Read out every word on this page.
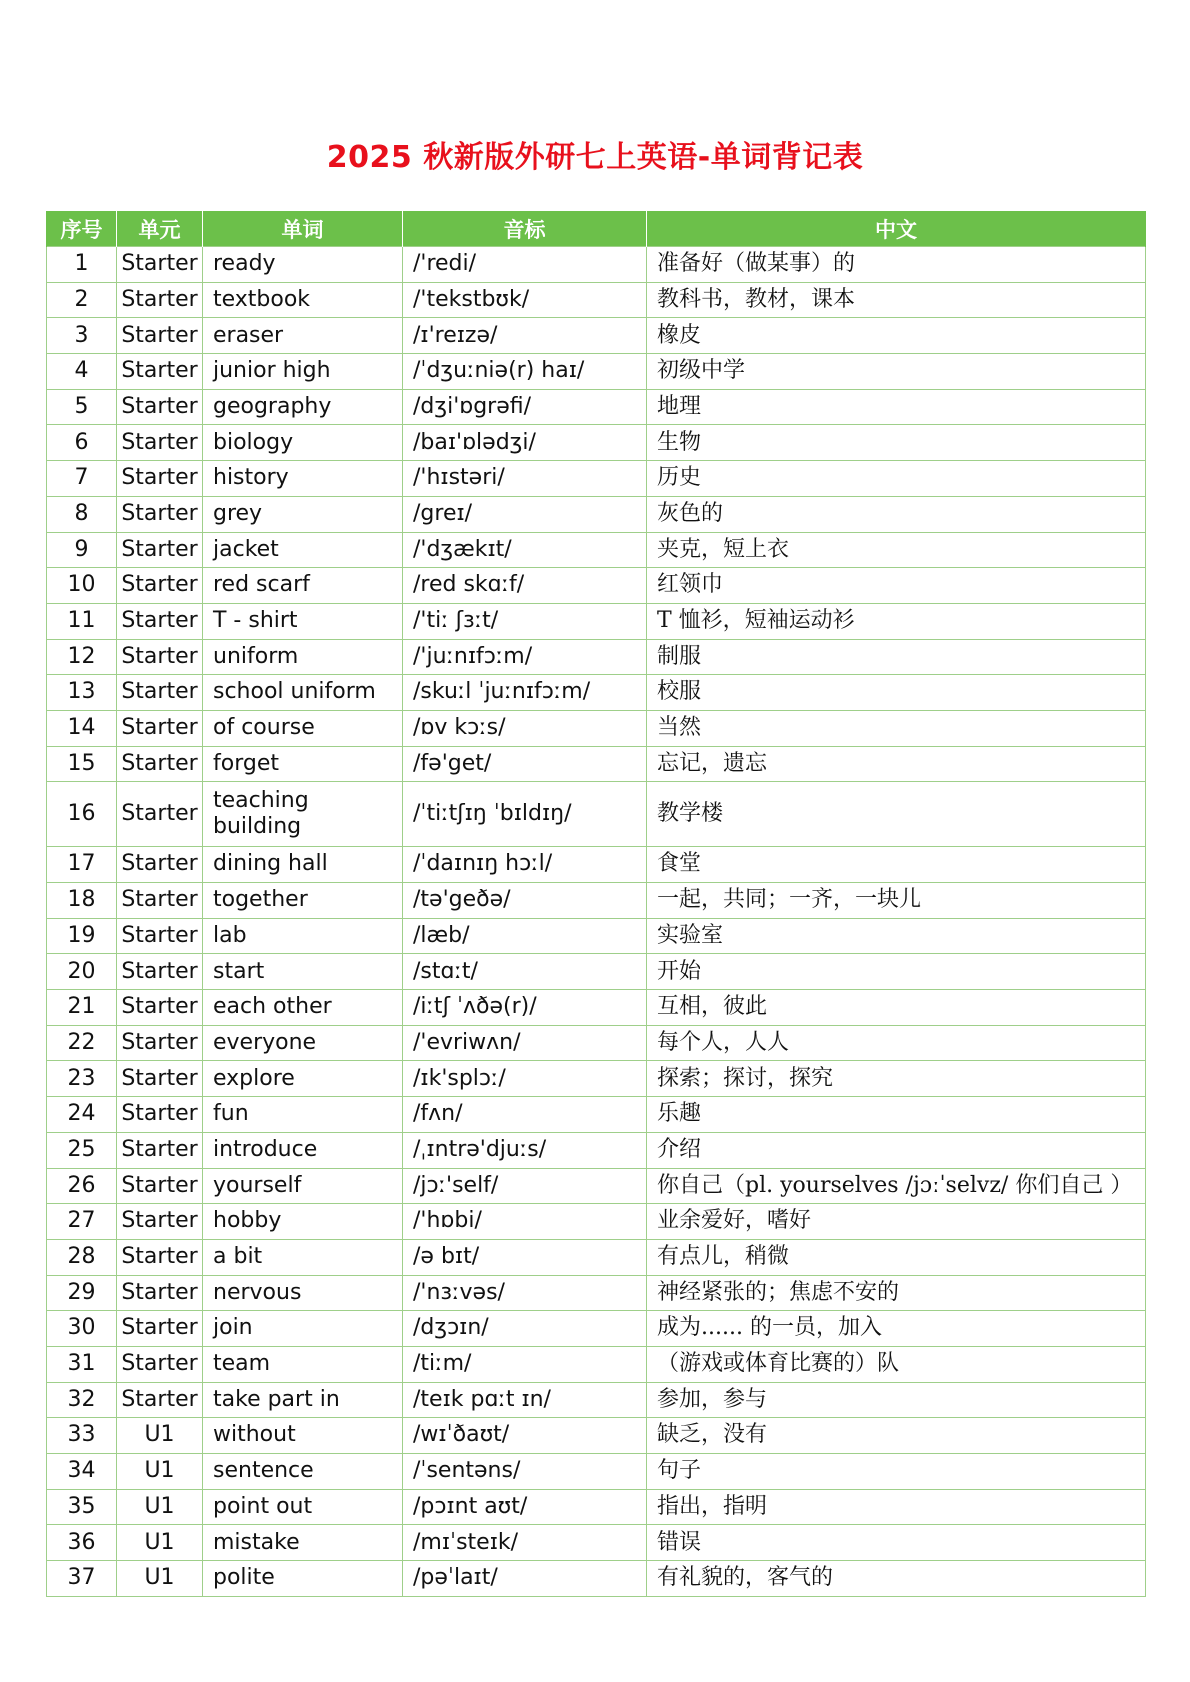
2025 秋新版外研七上英语-单词背记表
序号	单元	单词	音标	中文
1	Starter	ready	/'redi/	准备好（做某事）的
2	Starter	textbook	/'tekstbʊk/	教科书，教材，课本
3	Starter	eraser	/ɪ'reɪzə/	橡皮
4	Starter	junior high	/ˈdʒuːniə(r) haɪ/	初级中学
5	Starter	geography	/dʒi'ɒgrəfi/	地理
6	Starter	biology	/baɪ'ɒlədʒi/	生物
7	Starter	history	/'hɪstəri/	历史
8	Starter	grey	/greɪ/	灰色的
9	Starter	jacket	/'dʒækɪt/	夹克，短上衣
10	Starter	red scarf	/red skɑːf/	红领巾
11	Starter	T - shirt	/'tiː ʃɜːt/	T 恤衫，短袖运动衫
12	Starter	uniform	/'juːnɪfɔːm/	制服
13	Starter	school uniform	/skuːl ˈjuːnɪfɔːm/	校服
14	Starter	of course	/ɒv kɔːs/	当然
15	Starter	forget	/fə'get/	忘记，遗忘
16	Starter	teaching building	/ˈtiːtʃɪŋ ˈbɪldɪŋ/	教学楼
17	Starter	dining hall	/ˈdaɪnɪŋ hɔːl/	食堂
18	Starter	together	/tə'geðə/	一起，共同；一齐，一块儿
19	Starter	lab	/læb/	实验室
20	Starter	start	/stɑːt/	开始
21	Starter	each other	/iːtʃ ˈʌðə(r)/	互相，彼此
22	Starter	everyone	/'evriwʌn/	每个人，人人
23	Starter	explore	/ɪk'splɔː/	探索；探讨，探究
24	Starter	fun	/fʌn/	乐趣
25	Starter	introduce	/ˌɪntrə'djuːs/	介绍
26	Starter	yourself	/jɔː'self/	你自己（pl. yourselves /jɔːˈselvz/ 你们自己 ）
27	Starter	hobby	/'hɒbi/	业余爱好，嗜好
28	Starter	a bit	/ə bɪt/	有点儿，稍微
29	Starter	nervous	/'nɜːvəs/	神经紧张的；焦虑不安的
30	Starter	join	/dʒɔɪn/	成为...... 的一员，加入
31	Starter	team	/tiːm/	（游戏或体育比赛的）队
32	Starter	take part in	/teɪk pɑːt ɪn/	参加，参与
33	U1	without	/wɪˈðaʊt/	缺乏，没有
34	U1	sentence	/ˈsentəns/	句子
35	U1	point out	/pɔɪnt aʊt/	指出，指明
36	U1	mistake	/mɪˈsteɪk/	错误
37	U1	polite	/pəˈlaɪt/	有礼貌的，客气的
